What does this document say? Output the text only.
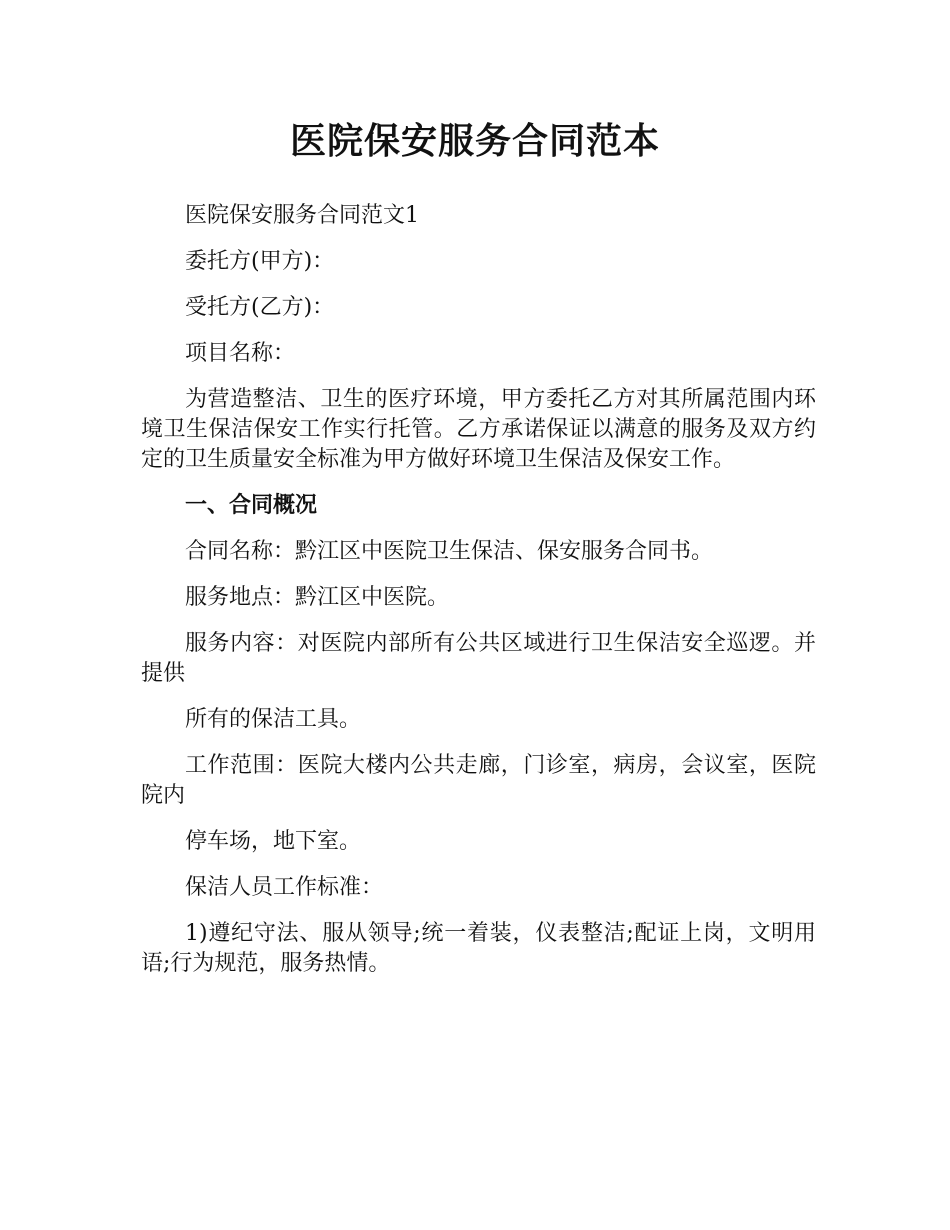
医院保安服务合同范本

医院保安服务合同范文1

委托方(甲方)：

受托方(乙方)：

项目名称：

为营造整洁、卫生的医疗环境，甲方委托乙方对其所属范围内环境卫生保洁保安工作实行托管。乙方承诺保证以满意的服务及双方约定的卫生质量安全标准为甲方做好环境卫生保洁及保安工作。

一、合同概况

合同名称：黔江区中医院卫生保洁、保安服务合同书。

服务地点：黔江区中医院。

服务内容：对医院内部所有公共区域进行卫生保洁安全巡逻。并提供

所有的保洁工具。

工作范围：医院大楼内公共走廊，门诊室，病房，会议室，医院院内

停车场，地下室。

保洁人员工作标准：

1)遵纪守法、服从领导;统一着装，仪表整洁;配证上岗，文明用语;行为规范，服务热情。
